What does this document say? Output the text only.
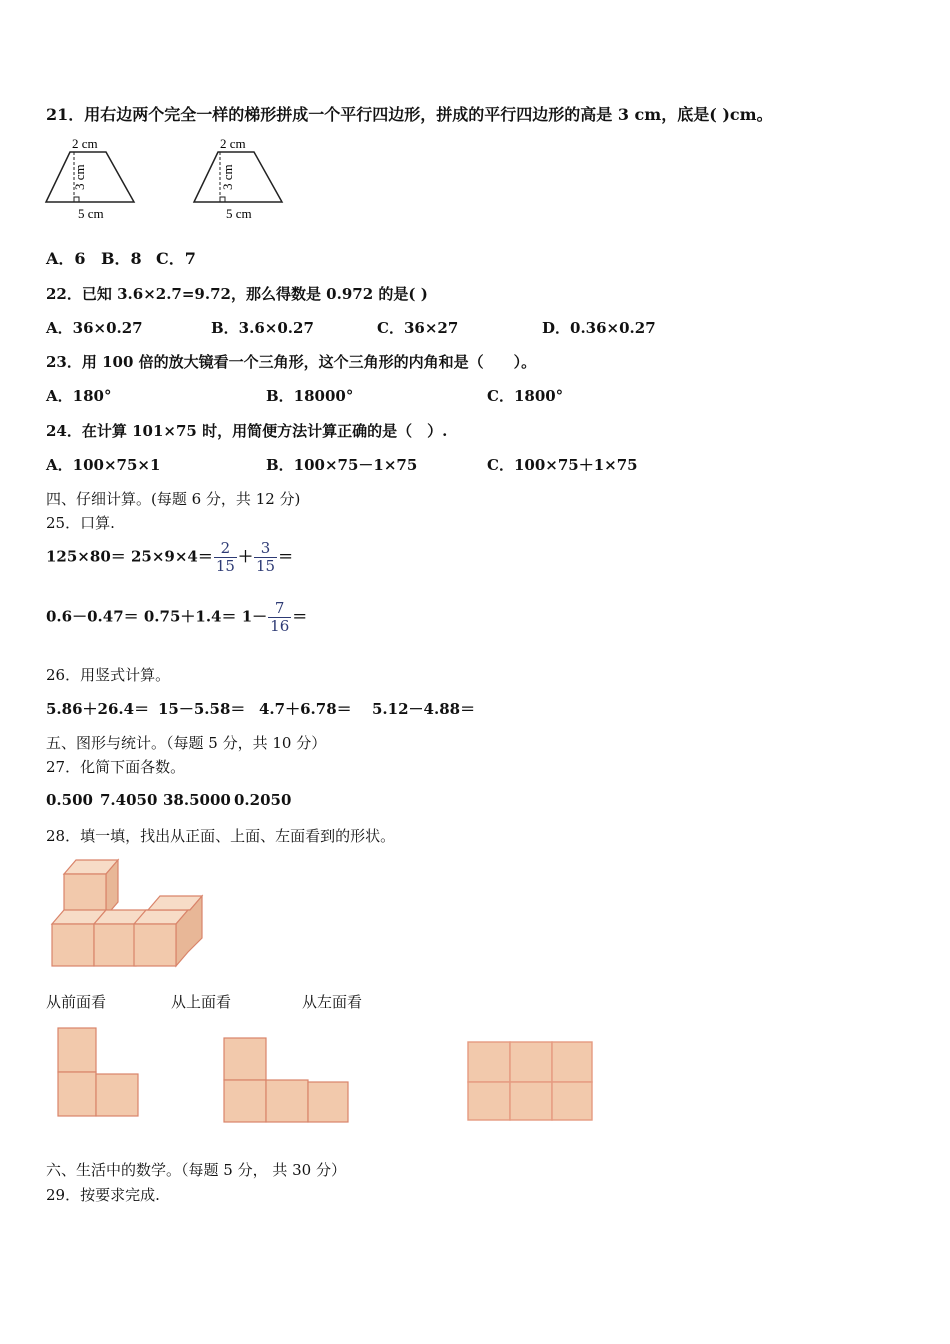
21．用右边两个完全一样的梯形拼成一个平行四边形，拼成的平行四边形的高是 3 cm，底是( )cm。
2 cm
3 cm
5 cm
2 cm
3 cm
5 cm
A．6 B．8 C．7
22．已知 3.6×2.7=9.72，那么得数是 0.972 的是( )
A．36×0.27	B．3.6×0.27	C．36×27	D．0.36×0.27
23．用 100 倍的放大镜看一个三角形，这个三角形的内角和是（　　）。
A．180°	B．18000°	C．1800°
24．在计算 101×75 时，用简便方法计算正确的是（　）.
A．100×75×1	B．100×75－1×75	C．100×75＋1×75
四、仔细计算。(每题 6 分，共 12 分)
25．口算.
$125\times 80= 25\times 9\times 4= \frac{2}{15} + \frac{3}{15}$ ＝
$0.6-0.47= 0.75+1.4= 1- \frac{7}{16}$ ＝
26．用竖式计算。
5.86＋26.4＝ 15－5.58＝ 4.7＋6.78＝ 5.12－4.88＝
五、图形与统计。（每题 5 分，共 10 分）
27．化简下面各数。
0.500 7.4050 38.5000 0.2050
28．填一填，找出从正面、上面、左面看到的形状。
从前面看	从上面看	从左面看
六、生活中的数学。（每题 5 分， 共 30 分）
29．按要求完成.
